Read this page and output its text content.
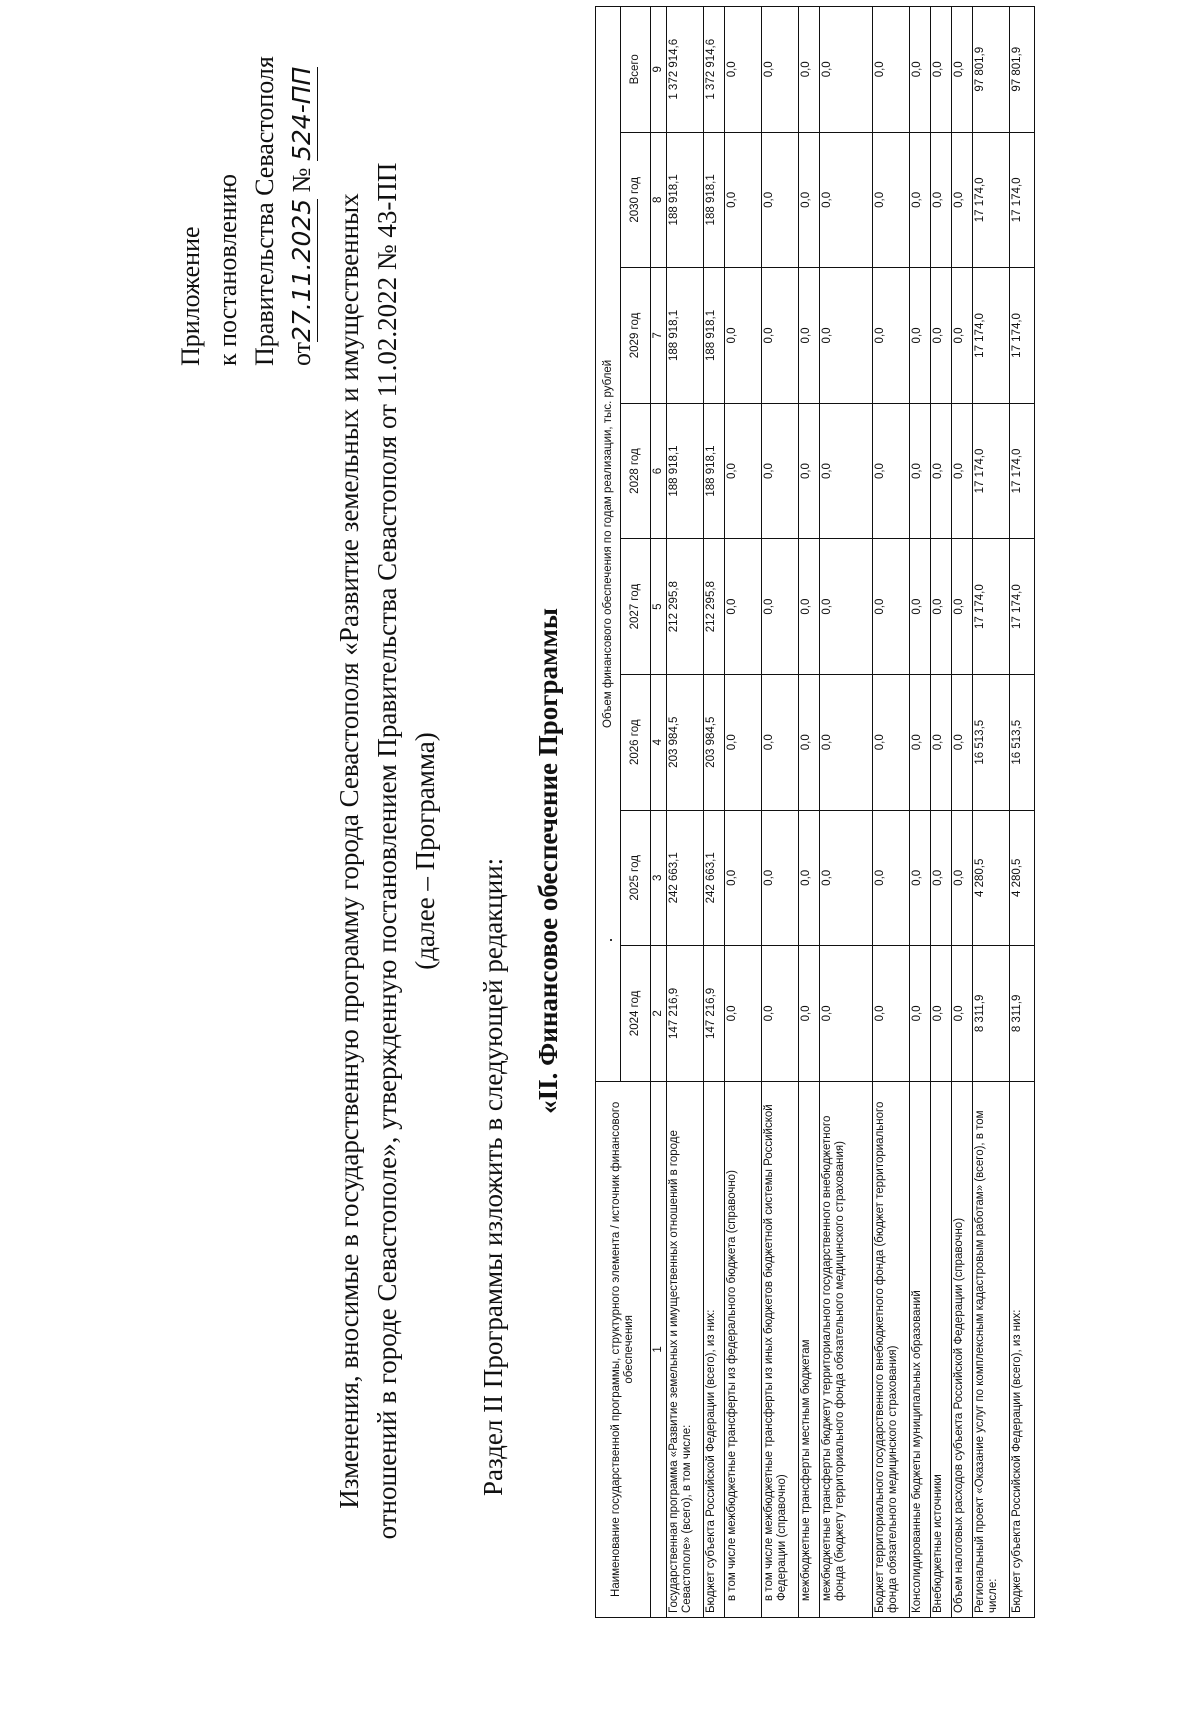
Приложение к постановлению Правительства Севастополя от27.11.2025 № 524-ПП
Изменения, вносимые в государственную программу города Севастополя «Развитие земельных и имущественных отношений в городе Севастополе», утвержденную постановлением Правительства Севастополя от 11.02.2022 № 43-ПП (далее – Программа)
Раздел II Программы изложить в следующей редакции: «II. Финансовое обеспечение Программы
Наименование государственной программы, структурного элемента / источник финансового обеспечения	Объем финансового обеспечения по годам реализации, тыс. рублей							
	2024 год	2025 год	2026 год	2027 год	2028 год	2029 год	2030 год	Всего
1	2	3	4	5	6	7	8	9
Государственная программа «Развитие земельных и имущественных отношений в городе Севастополе» (всего), в том числе:	147 216,9	242 663,1	203 984,5	212 295,8	188 918,1	188 918,1	188 918,1	1 372 914,6
Бюджет субъекта Российской Федерации (всего), из них:	147 216,9	242 663,1	203 984,5	212 295,8	188 918,1	188 918,1	188 918,1	1 372 914,6
в том числе межбюджетные трансферты из федерального бюджета (справочно)	0,0	0,0	0,0	0,0	0,0	0,0	0,0	0,0
в том числе межбюджетные трансферты из иных бюджетов бюджетной системы Российской Федерации (справочно)	0,0	0,0	0,0	0,0	0,0	0,0	0,0	0,0
межбюджетные трансферты местным бюджетам	0,0	0,0	0,0	0,0	0,0	0,0	0,0	0,0
межбюджетные трансферты бюджету территориального государственного внебюджетного фонда (бюджету территориального фонда обязательного медицинского страхования)	0,0	0,0	0,0	0,0	0,0	0,0	0,0	0,0
Бюджет территориального государственного внебюджетного фонда (бюджет территориального фонда обязательного медицинского страхования)	0,0	0,0	0,0	0,0	0,0	0,0	0,0	0,0
Консолидированные бюджеты муниципальных образований	0,0	0,0	0,0	0,0	0,0	0,0	0,0	0,0
Внебюджетные источники	0,0	0,0	0,0	0,0	0,0	0,0	0,0	0,0
Объем налоговых расходов субъекта Российской Федерации (справочно)	0,0	0,0	0,0	0,0	0,0	0,0	0,0	0,0
Региональный проект «Оказание услуг по комплексным кадастровым работам» (всего), в том числе:	8 311,9	4 280,5	16 513,5	17 174,0	17 174,0	17 174,0	17 174,0	97 801,9
Бюджет субъекта Российской Федерации (всего), из них:	8 311,9	4 280,5	16 513,5	17 174,0	17 174,0	17 174,0	17 174,0	97 801,9
